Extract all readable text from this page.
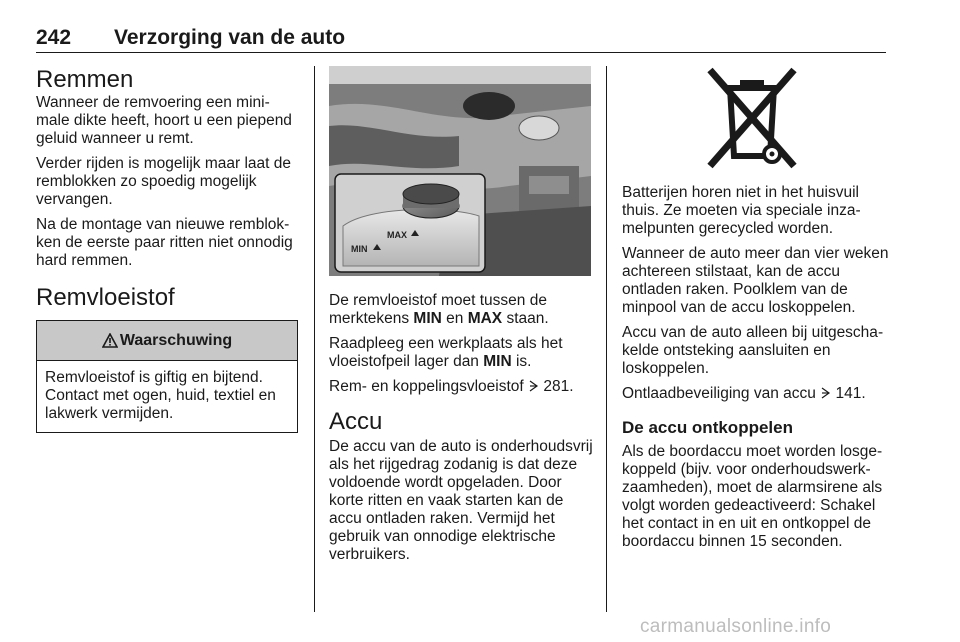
242 Verzorging van de auto
Remmen

Wanneer de remvoering een minimale dikte heeft, hoort u een piepend geluid wanneer u remt.

Verder rijden is mogelijk maar laat de remblokken zo spoedig mogelijk vervangen.

Na de montage van nieuwe remblokken de eerste paar ritten niet onnodig hard remmen.

Remvloeistof
Waarschuwing
Remvloeistof is giftig en bijtend. Contact met ogen, huid, textiel en lakwerk vermijden.
MAX
MIN

De remvloeistof moet tussen de merktekens MIN en MAX staan.

Raadpleeg een werkplaats als het vloeistofpeil lager dan MIN is.

Rem- en koppelingsvloeistof  281.

Accu

De accu van de auto is onderhoudsvrij als het rijgedrag zodanig is dat deze voldoende wordt opgeladen. Door korte ritten en vaak starten kan de accu ontladen raken. Vermijd het gebruik van onnodige elektrische verbruikers.

Batterijen horen niet in het huisvuil thuis. Ze moeten via speciale inzamelpunten gerecycled worden.

Wanneer de auto meer dan vier weken achtereen stilstaat, kan de accu ontladen raken. Poolklem van de minpool van de accu loskoppelen.

Accu van de auto alleen bij uitgeschakelde ontsteking aansluiten en loskoppelen.

Ontlaadbeveiliging van accu  141.

De accu ontkoppelen

Als de boordaccu moet worden losgekoppeld (bijv. voor onderhoudswerkzaamheden), moet de alarmsirene als volgt worden gedeactiveerd: Schakel het contact in en uit en ontkoppel de boordaccu binnen 15 seconden.

carmanualsonline.info
